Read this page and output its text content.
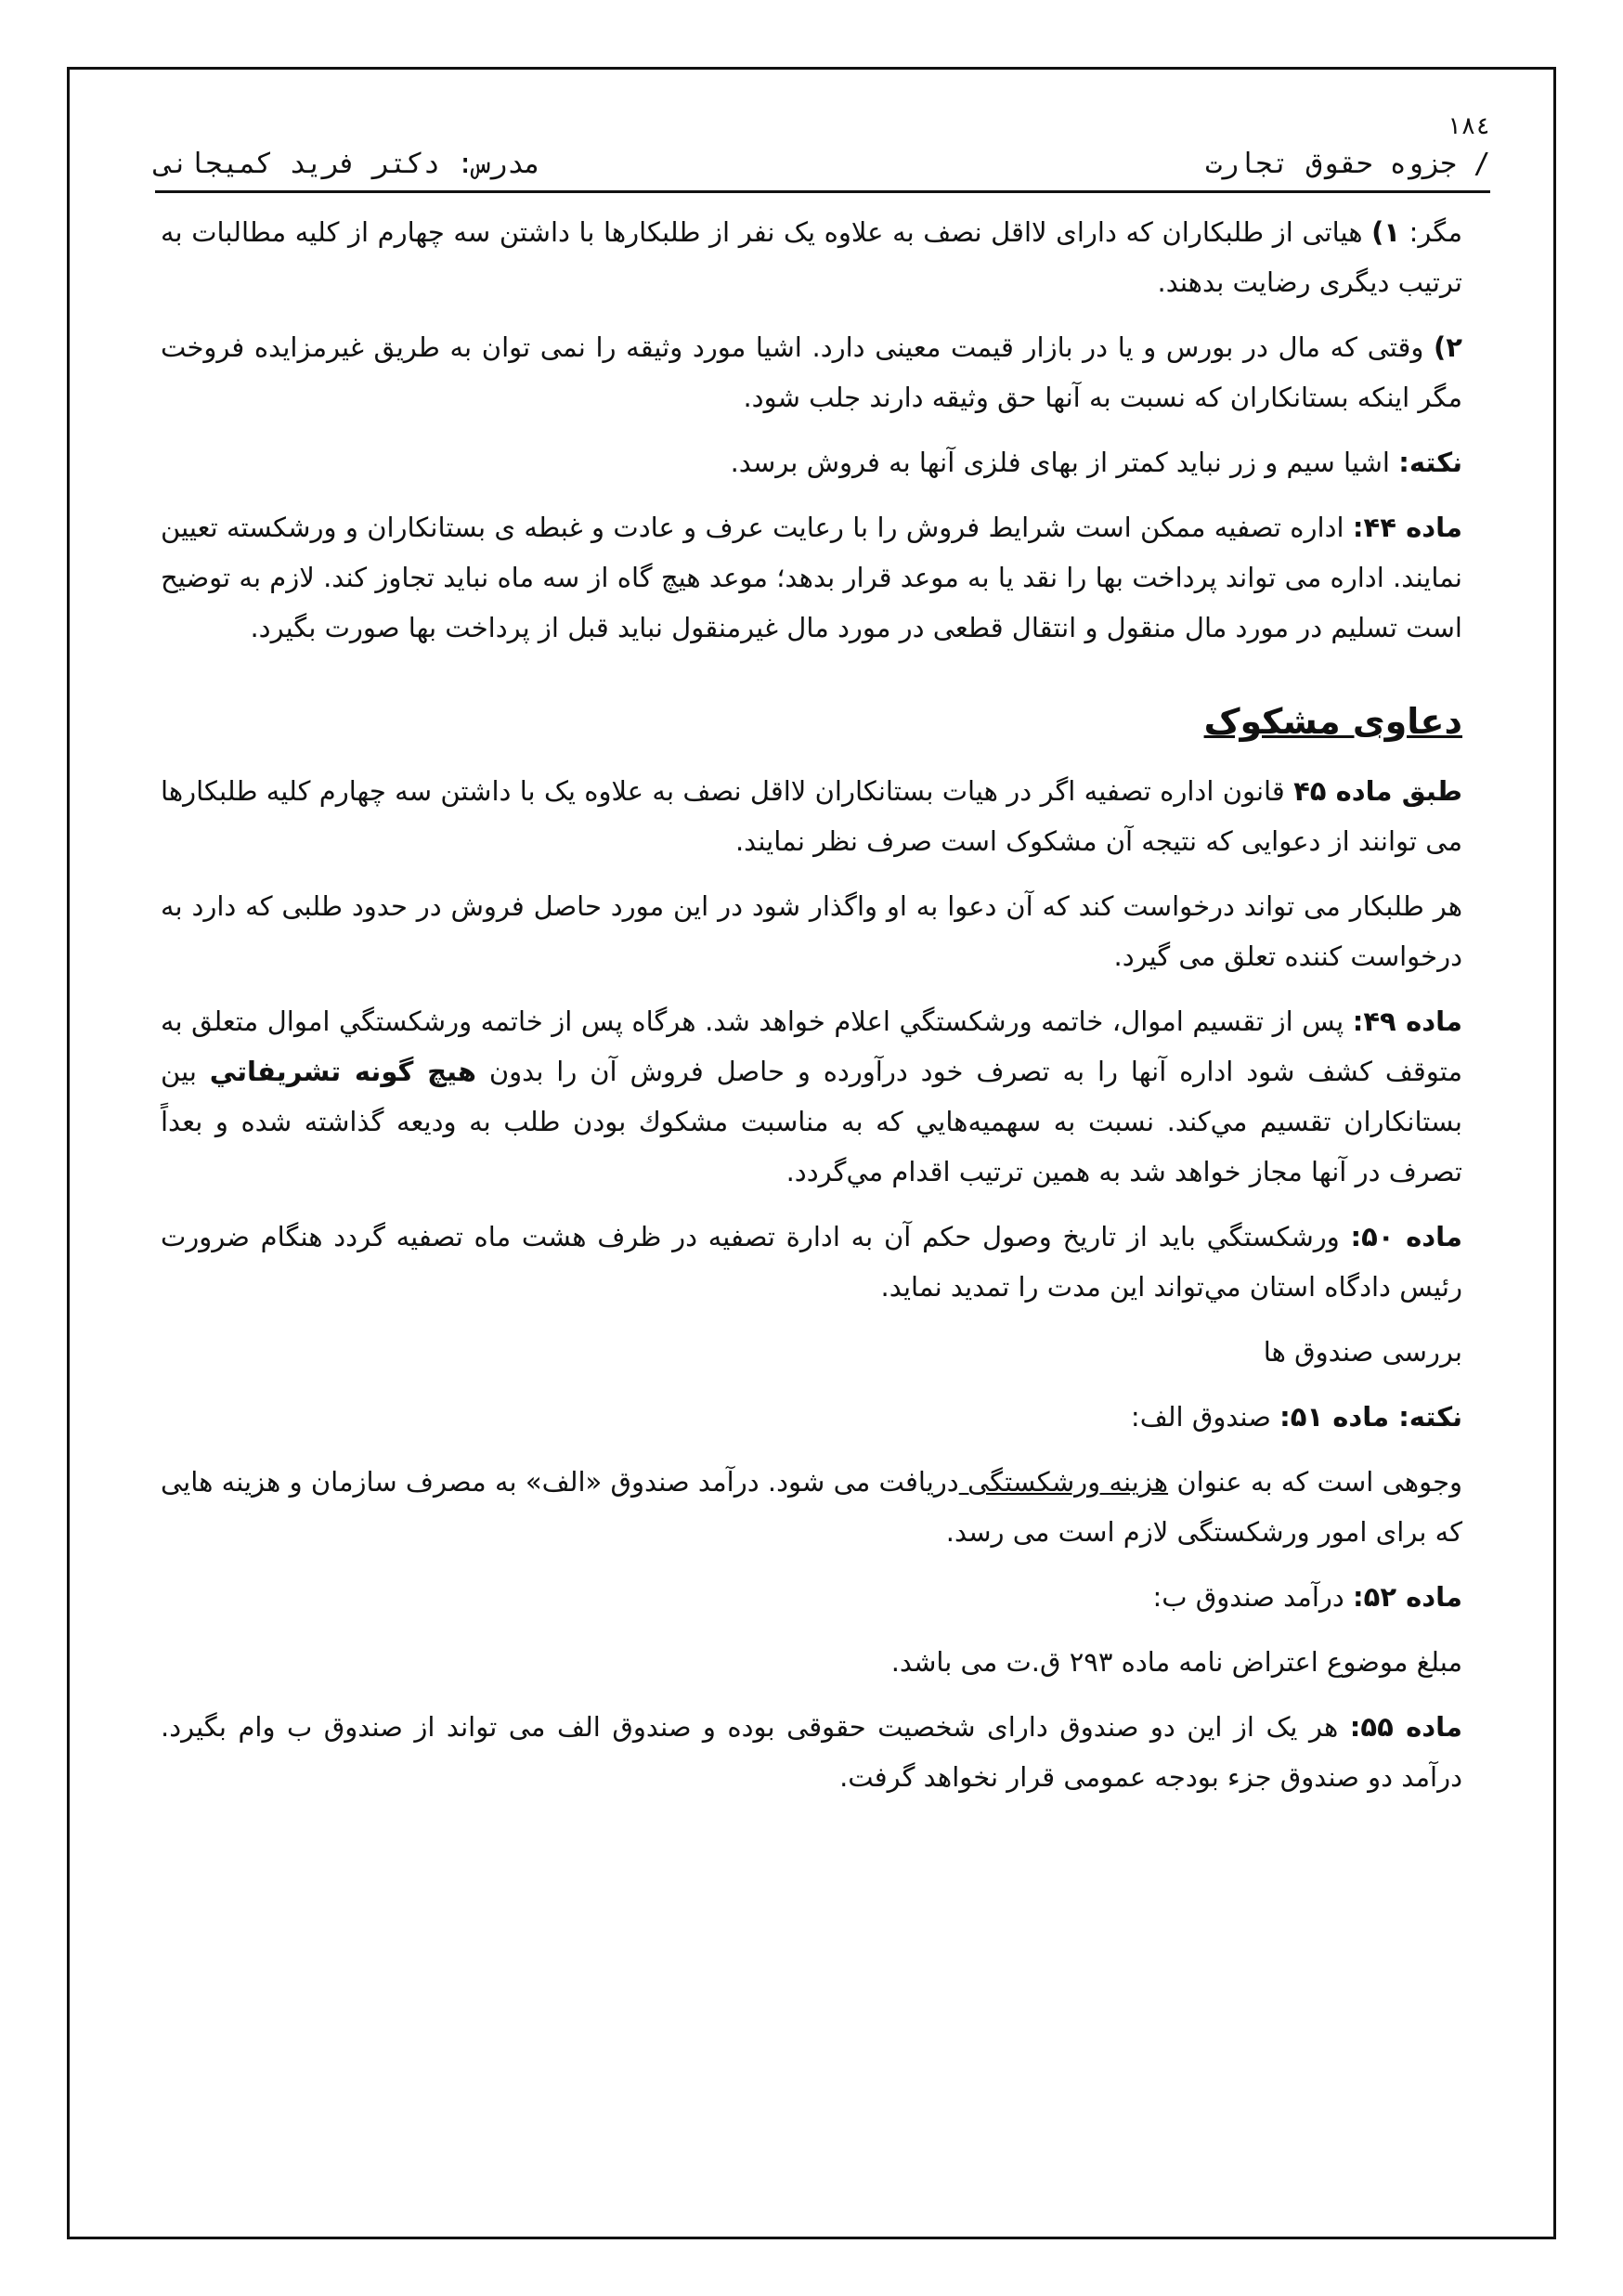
۱۸٤
/ جزوه حقوق تجارت
مدرس: دکتر فرید کمیجانی

مگر: ۱) هیاتی از طلبکاران که دارای لااقل نصف به علاوه یک نفر از طلبکارها با داشتن سه چهارم از کلیه مطالبات به ترتیب دیگری رضایت بدهند.

۲) وقتی که مال در بورس و یا در بازار قیمت معینی دارد. اشیا مورد وثیقه را نمی توان به طریق غیرمزایده فروخت مگر اینکه بستانکاران که نسبت به آنها حق وثیقه دارند جلب شود.

نکته: اشیا سیم و زر نباید کمتر از بهای فلزی آنها به فروش برسد.

ماده ۴۴: اداره تصفیه ممکن است شرایط فروش را با رعایت عرف و عادت و غبطه ی بستانکاران و ورشکسته تعیین نمایند. اداره می تواند پرداخت بها را نقد یا به موعد قرار بدهد؛ موعد هیچ گاه از سه ماه نباید تجاوز کند. لازم به توضیح است تسلیم در مورد مال منقول و انتقال قطعی در مورد مال غیرمنقول نباید قبل از پرداخت بها صورت بگیرد.

دعاوی مشکوک

طبق ماده ۴۵ قانون اداره تصفیه اگر در هیات بستانکاران لااقل نصف به علاوه یک با داشتن سه چهارم کلیه طلبکارها می توانند از دعوایی که نتیجه آن مشکوک است صرف نظر نمایند.

هر طلبکار می تواند درخواست کند که آن دعوا به او واگذار شود در این مورد حاصل فروش در حدود طلبی که دارد به درخواست کننده تعلق می گیرد.

ماده ۴۹: پس از تقسيم اموال، خاتمه ورشكستگي اعلام خواهد شد. هرگاه پس از خاتمه ورشكستگي اموال متعلق به متوقف كشف شود اداره آنها را به تصرف خود درآورده و حاصل فروش آن را بدون هيچ گونه تشريفاتي بين بستانكاران تقسيم مي‌كند. نسبت به سهميه‌هايي كه به مناسبت مشكوك بودن طلب به وديعه گذاشته شده و بعداً تصرف در آنها مجاز خواهد شد به همين ترتيب اقدام مي‌گردد.

ماده ۵۰: ورشكستگي بايد از تاريخ وصول حكم آن به ادارة تصفيه در ظرف هشت ماه تصفيه گردد هنگام ضرورت رئيس دادگاه استان مي‌تواند اين مدت را تمديد نمايد.

بررسی صندوق ها

نکته: ماده ۵۱: صندوق الف:

وجوهی است که به عنوان هزینه ورشکستگی دریافت می شود. درآمد صندوق «الف» به مصرف سازمان و هزینه هایی که برای امور ورشکستگی لازم است می رسد.

ماده ۵۲: درآمد صندوق ب:

مبلغ موضوع اعتراض نامه ماده ۲۹۳ ق.ت می باشد.

ماده ۵۵: هر یک از این دو صندوق دارای شخصیت حقوقی بوده و صندوق الف می تواند از صندوق ب وام بگیرد. درآمد دو صندوق جزء بودجه عمومی قرار نخواهد گرفت.
